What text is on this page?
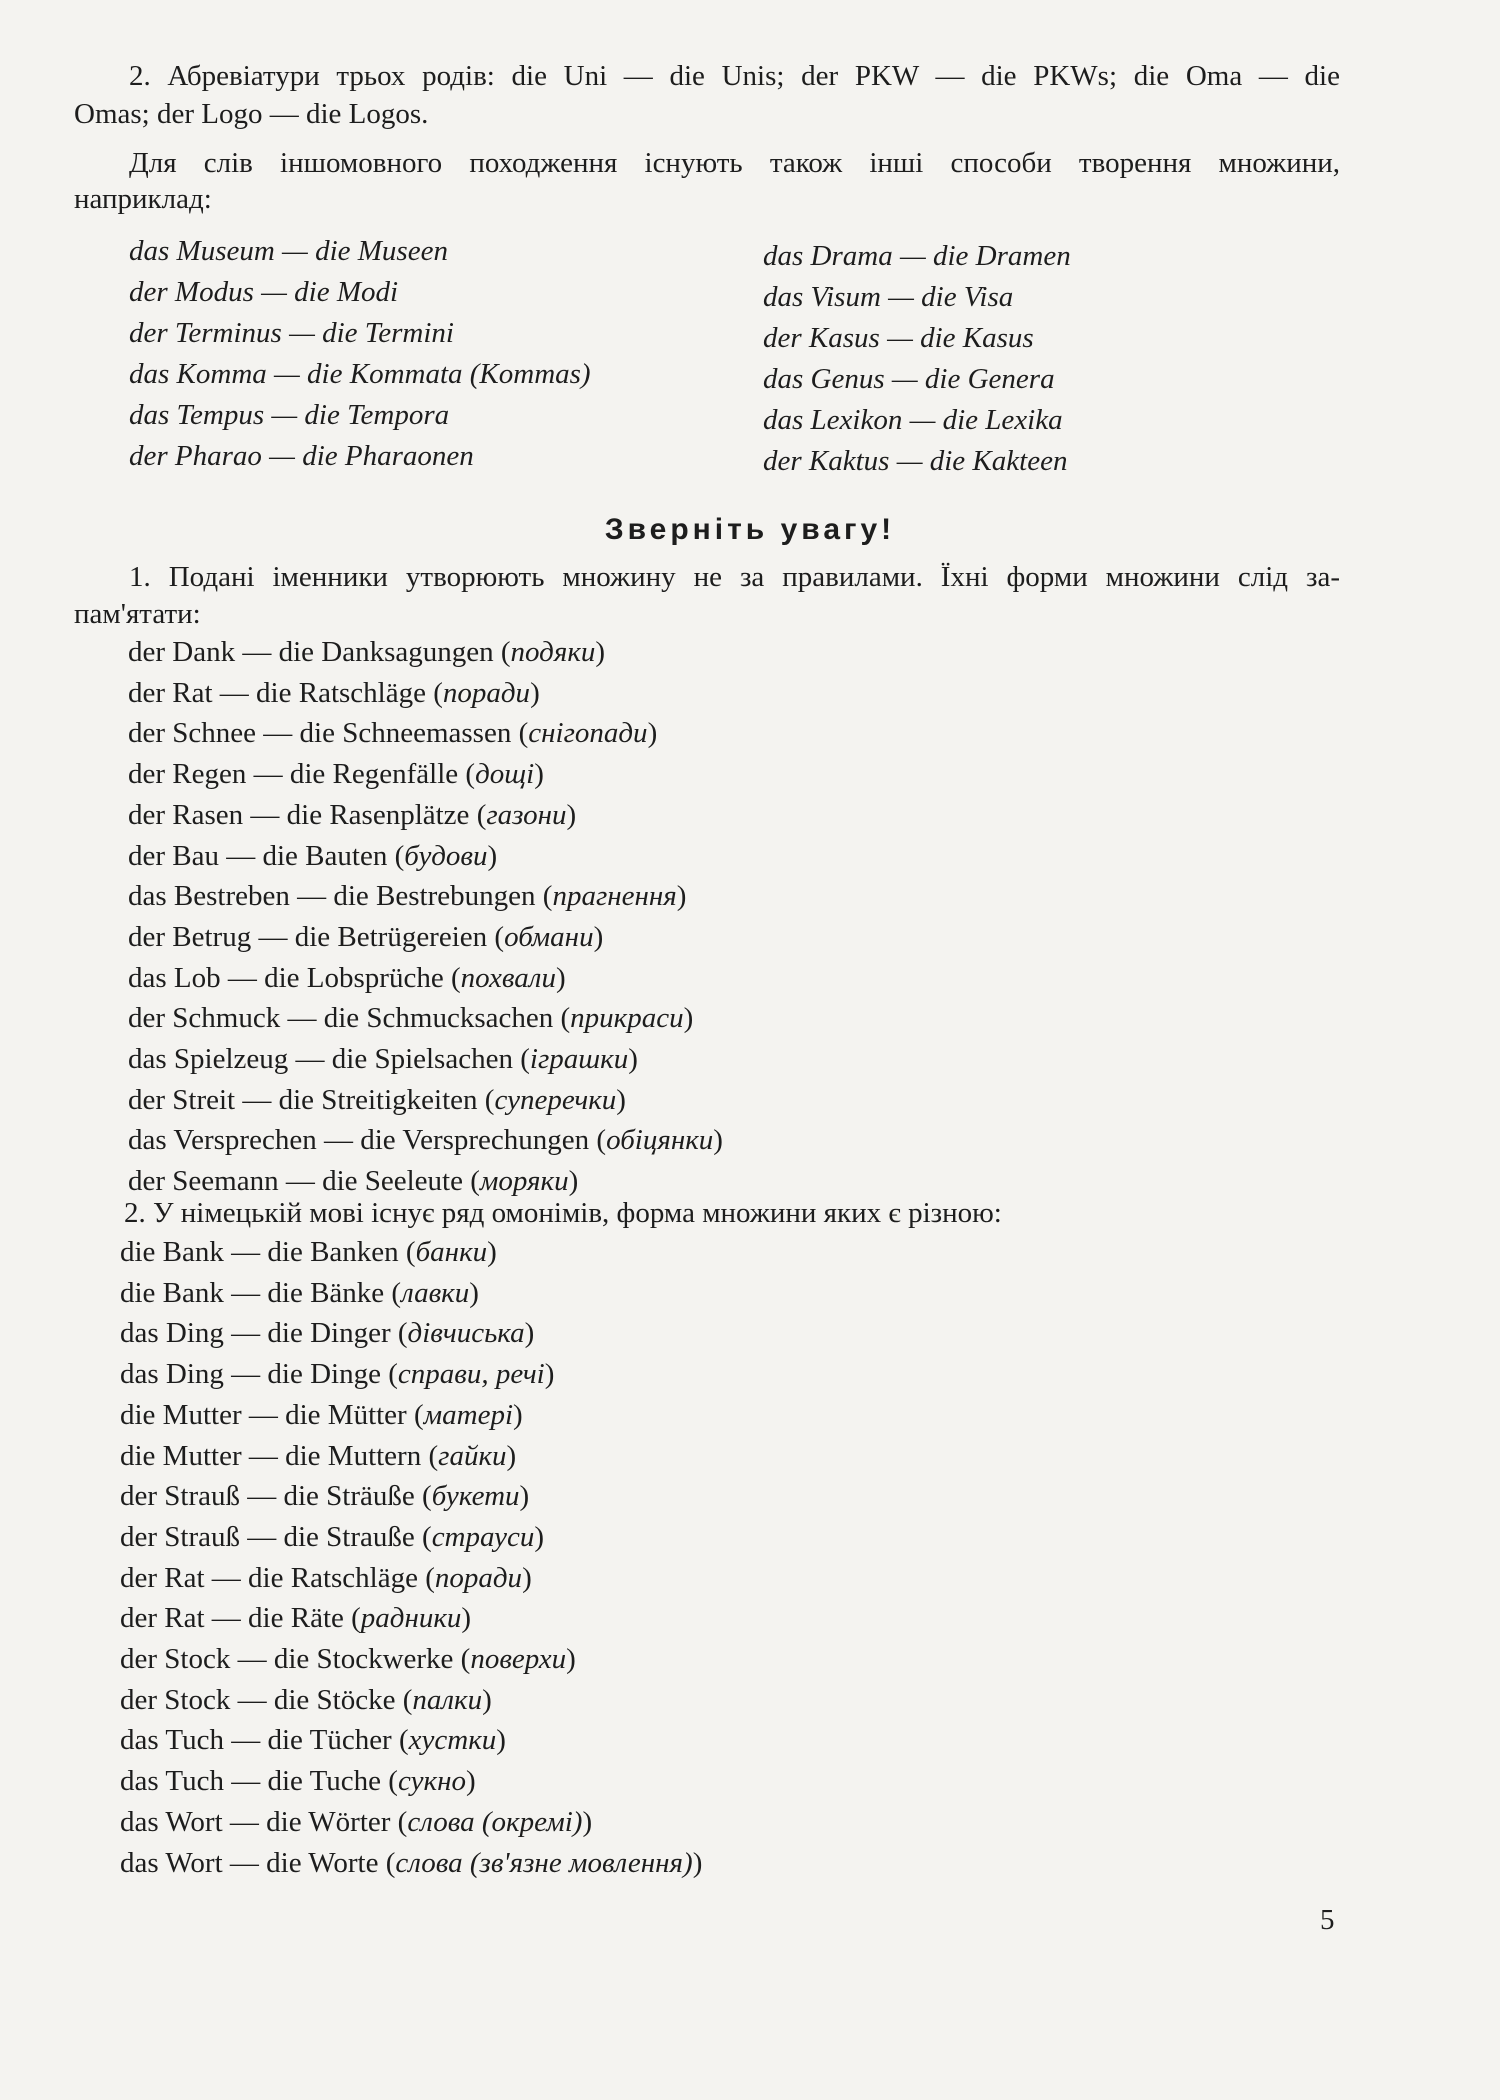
2. Абревіатури трьох родів: die Uni — die Unis; der PKW — die PKWs; die Oma — die
Omas; der Logo — die Logos.
Для слів іншомовного походження існують також інші способи творення множини,
наприклад:
das Museum — die Museen
der Modus — die Modi
der Terminus — die Termini
das Komma — die Kommata (Kommas)
das Tempus — die Tempora
der Pharao — die Pharaonen
das Drama — die Dramen
das Visum — die Visa
der Kasus — die Kasus
das Genus — die Genera
das Lexikon — die Lexika
der Kaktus — die Kakteen
Зверніть увагу!
1. Подані іменники утворюють множину не за правилами. Їхні форми множини слід за-
пам'ятати:
der Dank — die Danksagungen (подяки)
der Rat — die Ratschläge (поради)
der Schnee — die Schneemassen (снігопади)
der Regen — die Regenfälle (дощі)
der Rasen — die Rasenplätze (газони)
der Bau — die Bauten (будови)
das Bestreben — die Bestrebungen (прагнення)
der Betrug — die Betrügereien (обмани)
das Lob — die Lobsprüche (похвали)
der Schmuck — die Schmucksachen (прикраси)
das Spielzeug — die Spielsachen (іграшки)
der Streit — die Streitigkeiten (суперечки)
das Versprechen — die Versprechungen (обіцянки)
der Seemann — die Seeleute (моряки)
2. У німецькій мові існує ряд омонімів, форма множини яких є різною:
die Bank — die Banken (банки)
die Bank — die Bänke (лавки)
das Ding — die Dinger (дівчиська)
das Ding — die Dinge (справи, речі)
die Mutter — die Mütter (матері)
die Mutter — die Muttern (гайки)
der Strauß — die Sträuße (букети)
der Strauß — die Strauße (страуси)
der Rat — die Ratschläge (поради)
der Rat — die Räte (радники)
der Stock — die Stockwerke (поверхи)
der Stock — die Stöcke (палки)
das Tuch — die Tücher (хустки)
das Tuch — die Tuche (сукно)
das Wort — die Wörter (слова (окремі))
das Wort — die Worte (слова (зв'язне мовлення))
5
